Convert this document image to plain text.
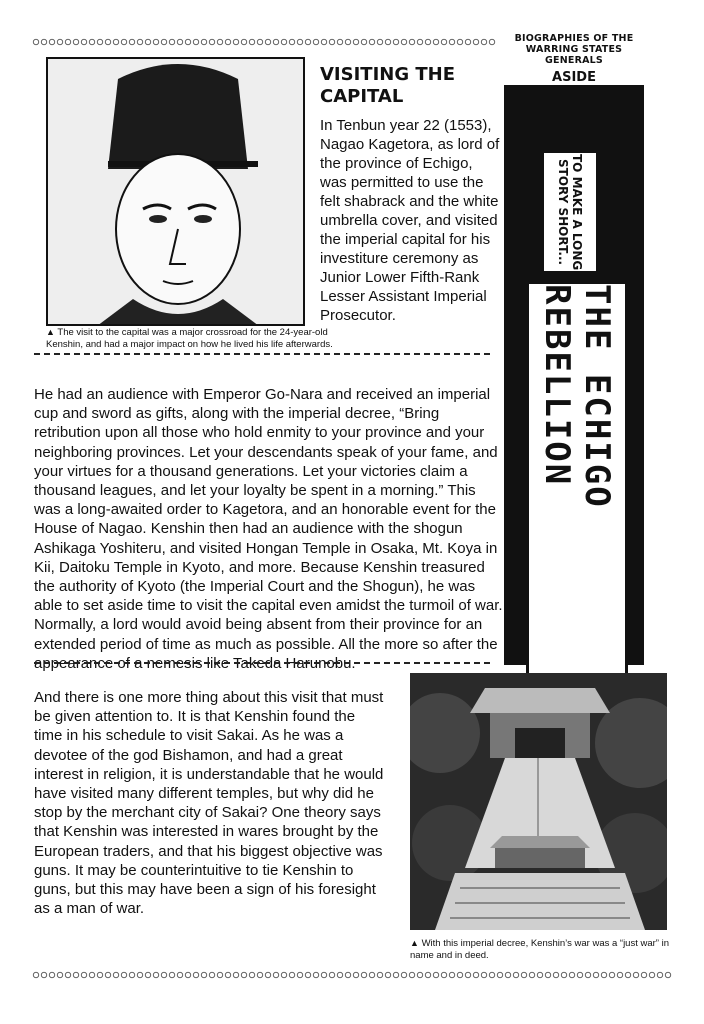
BIOGRAPHIES OF THE
WARRING STATES GENERALS
ASIDE
TO MAKE A LONG STORY SHORT...
THE ECHIGO REBELLION
▲ The visit to the capital was a major crossroad for the 24-year-old Kenshin, and had a major impact on how he lived his life afterwards.
VISITING THE CAPITAL
In Tenbun year 22 (1553), Nagao Kagetora, as lord of the province of Echigo, was permitted to use the felt shabrack and the white umbrella cover, and visited the imperial capital for his investiture ceremony as Junior Lower Fifth-Rank Lesser Assistant Imperial Prosecutor.
He had an audience with Emperor Go-Nara and received an imperial cup and sword as gifts, along with the imperial decree, “Bring retribution upon all those who hold enmity to your province and your neighboring provinces. Let your descendants speak of your fame, and your virtues for a thousand generations. Let your victories claim a thousand leagues, and let your loyalty be spent in a morning.” This was a long-awaited order to Kagetora, and an honorable event for the House of Nagao. Kenshin then had an audience with the shogun Ashikaga Yoshiteru, and visited Hongan Temple in Osaka, Mt. Koya in Kii, Daitoku Temple in Kyoto, and more. Because Kenshin treasured the authority of Kyoto (the Imperial Court and the Shogun), he was able to set aside time to visit the capital even amidst the turmoil of war. Normally, a lord would avoid being absent from their province for an extended period of time as much as possible. All the more so after the appearance of a nemesis like Takeda Harunobu.
And there is one more thing about this visit that must be given attention to. It is that Kenshin found the time in his schedule to visit Sakai. As he was a devotee of the god Bishamon, and had a great interest in religion, it is understandable that he would have visited many different temples, but why did he stop by the merchant city of Sakai? One theory says that Kenshin was interested in wares brought by the European traders, and that his biggest objective was guns. It may be counterintuitive to tie Kenshin to guns, but this may have been a sign of his foresight as a man of war.
▲ With this imperial decree, Kenshin’s war was a “just war” in name and in deed.
